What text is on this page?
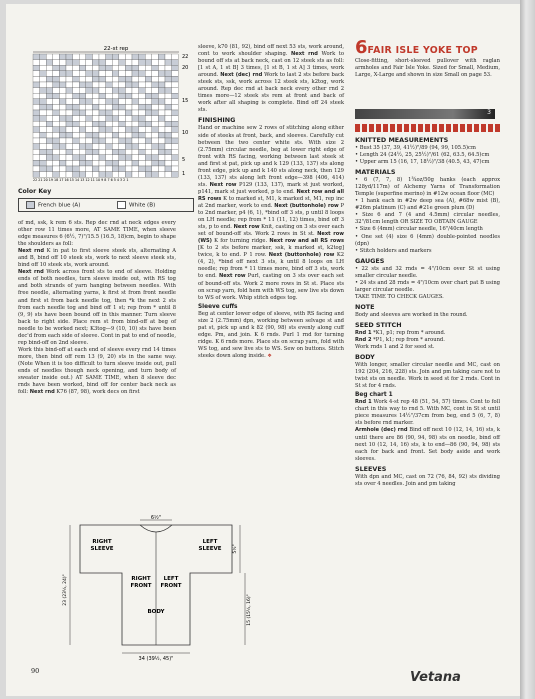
22-st rep
22
20
15
10
5
1
22 21 20 19 18 17 16 15 14 13 12 11 10 9 8 7 6 5 4 3 2 1
Color Key
French blue (A)	White (B)

of md, ssk, k rem 6 sts. Rep dec rnd at neck edges every other row 11 times more, AT SAME TIME, when sleeve edge measures 6 (6½, 7)"/15.5 (16.5, 18)cm, begin to shape the shoulders as foll:

Next rnd K in pat to first sleeve steek sts, alternating A and B, bind off 10 steek sts, work to next sleeve steek sts, bind off 10 steek sts, work around.

Next rnd Work across front sts to end of sleeve. Holding ends of both needles, turn sleeve inside out, with RS tog and both strands of yarn hanging between needles. With free needle, alternating yarns, k first st from front needle and first st from back needle tog, then *k the next 2 sts from each needle tog and bind off 1 st; rep from * until 8 (9, 9) sts have been bound off in this manner. Turn sleeve back to right side. Place rem st from bind-off at beg of needle to be worked next; K3tog—9 (10, 10) sts have been dec'd from each side of sleeve. Cont in pat to end of needle, rep bind-off on 2nd sleeve.

Work this bind-off at each end of sleeve every rnd 14 times more, then bind off rem 13 (9, 20) sts in the same way. (Note When it is too difficult to turn sleeve inside out, pull ends of needles though neck opening, and turn body of sweater inside out.) AT SAME TIME, when 8 sleeve dec rnds have been worked, bind off for center back neck as foll: Next rnd K76 (87, 98), work decs on first

sleeve, k70 (81, 92), bind off next 53 sts, work around, cont to work shoulder shaping. Next rnd Work to bound off sts at back neck, cast on 12 steek sts as foll: [1 st A, 1 st B] 3 times, [1 st B, 1 st A] 3 times, work around. Next (dec) rnd Work to last 2 sts before back steek sts, ssk, work across 12 steek sts, k2tog, work around. Rep dec rnd at back neck every other rnd 2 times more—12 steek sts rem at front and back of work after all shaping is complete. Bind off 24 steek sts.

FINISHING

Hand or machine sew 2 rows of stitching along either side of steeks at front, back, and sleeves. Carefully cut between the two center white sts. With size 2 (2.75mm) circular needle, beg at lower right edge of front with RS facing, working between last steek st and first st pat, pick up and k 129 (133, 137) sts along front edge, pick up and k 140 sts along neck, then 129 (133, 137) sts along left front edge—398 (406, 414) sts. Next row P129 (133, 137), mark st just worked, p141, mark st just worked, p to end. Next row and all RS rows K to marked st, M1, k marked st, M1, rep inc at 2nd marker, work to end. Next (buttonhole) row P to 2nd marker, p4 (6, 1), *bind off 3 sts, p until 8 loops on LH needle; rep from * 11 (11, 12) times, bind off 3 sts, p to end. Next row Knit, casting on 3 sts over each set of bound-off sts. Work 2 rows in St st. Next row (WS) K for turning ridge. Next row and all RS rows [K to 2 sts before marker, ssk, k marked st, k2tog] twice, k to end. P 1 row. Next (buttonhole) row K2 (4, 2), *bind off next 3 sts, k until 8 loops on LH needle; rep from * 11 times more, bind off 3 sts, work to end. Next row Purl, casting on 3 sts over each set of bound-off sts. Work 2 more rows in St st. Place sts on scrap yarn, fold hem with WS tog, sew live sts down to WS of work. Whip stitch edges tog.

Sleeve cuffs

Beg at center lower edge of sleeve, with RS facing and size 2 (2.75mm) dpn, working between selvage st and pat st, pick up and k 82 (90, 98) sts evenly along cuff edge. Pm, and join. K 6 rnds. Purl 1 rnd for turning ridge. K 6 rnds more. Place sts on scrap yarn, fold with WS tog, and sew live sts to WS. Sew on buttons. Stitch steeks down along inside. ❖

6FAIR ISLE YOKE TOP

Close-fitting, short-sleeved pullover with raglan armholes and Fair Isle Yoke. Sized for Small, Medium, Large, X-Large and shown in size Small on page 53.

3
KNITTED MEASUREMENTS

• Bust 35 (37, 39, 41½)"/89 (94, 99, 105.5)cm

• Length 24 (24½, 25, 25½)"/61 (62, 63.5, 64.5)cm

• Upper arm 15 (16, 17, 18½)"/38 (40.5, 43, 47)cm

MATERIALS

• 6 (7, 7, 8) 1¾oz/50g hanks (each approx 128yd/117m) of Alchemy Yarns of Transformation Temple (superfine merino) in #12w ocean floor (MC)

• 1 hank each in #2w deep sea (A), #68w mist (B), #26m platinum (C) and #21e green plum (D)

• Size 6 and 7 (4 and 4.5mm) circular needles, 32"/81cm length OR SIZE TO OBTAIN GAUGE

• Size 6 (4mm) circular needle, 16"/40cm length

• One set (4) size 6 (4mm) double-pointed needles (dpn)

• Stitch holders and markers

GAUGES

• 22 sts and 32 rnds = 4"/10cm over St st using smaller circular needle.

• 24 sts and 28 rnds = 4"/10cm over chart pat B using larger circular needle.

TAKE TIME TO CHECK GAUGES.

NOTE

Body and sleeves are worked in the round.

SEED STITCH

Rnd 1 *K1, p1; rep from * around.

Rnd 2 *P1, k1; rep from * around.

Work rnds 1 and 2 for seed st.

BODY

With longer, smaller circular needle and MC, cast on 192 (204, 216, 228) sts. Join and pm taking care not to twist sts on needle. Work in seed st for 2 rnds. Cont in St st for 4 rnds.

Beg chart 1

Rnd 1 Work 4-st rep 48 (51, 54, 57) times. Cont to foll chart in this way to rnd 5. With MC, cont in St st until piece measures 14½"/37cm from beg, end 5 (6, 7, 8) sts before rnd marker.

Armhole (dec) rnd Bind off next 10 (12, 14, 16) sts, k until there are 86 (90, 94, 98) sts on needle, bind off next 10 (12, 14, 16) sts, k to end—86 (90, 94, 98) sts each for back and front. Set body aside and work sleeves.

SLEEVES

With dpn and MC, cast on 72 (76, 84, 92) sts dividing sts over 4 needles. Join and pm taking

6½"
RIGHT
SLEEVE
LEFT
SLEEVE
RIGHT
FRONT
LEFT
FRONT
BODY
23 (23½, 24)"
15 (15½, 16)"
5½"
34 (39½, 45)"
90	Vetana
